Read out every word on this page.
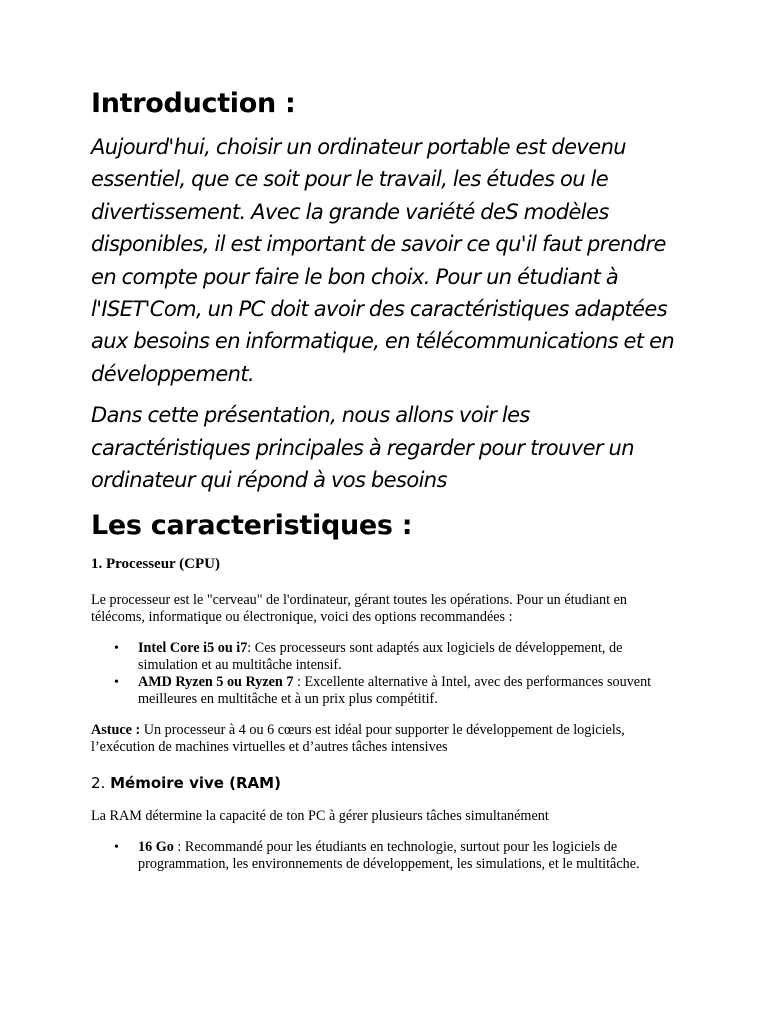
Introduction :

Aujourd'hui, choisir un ordinateur portable est devenu essentiel, que ce soit pour le travail, les études ou le divertissement. Avec la grande variété deS modèles disponibles, il est important de savoir ce qu'il faut prendre en compte pour faire le bon choix. Pour un étudiant à l'ISET'Com, un PC doit avoir des caractéristiques adaptées aux besoins en informatique, en télécommunications et en développement.

Dans cette présentation, nous allons voir les caractéristiques principales à regarder pour trouver un ordinateur qui répond à vos besoins

Les caracteristiques :

1. Processeur (CPU)

Le processeur est le "cerveau" de l'ordinateur, gérant toutes les opérations. Pour un étudiant en télécoms, informatique ou électronique, voici des options recommandées :

• Intel Core i5 ou i7: Ces processeurs sont adaptés aux logiciels de développement, de simulation et au multitâche intensif.
• AMD Ryzen 5 ou Ryzen 7 : Excellente alternative à Intel, avec des performances souvent meilleures en multitâche et à un prix plus compétitif.

Astuce : Un processeur à 4 ou 6 cœurs est idéal pour supporter le développement de logiciels, l’exécution de machines virtuelles et d’autres tâches intensives

2. Mémoire vive (RAM)

La RAM détermine la capacité de ton PC à gérer plusieurs tâches simultanément

• 16 Go : Recommandé pour les étudiants en technologie, surtout pour les logiciels de programmation, les environnements de développement, les simulations, et le multitâche.
